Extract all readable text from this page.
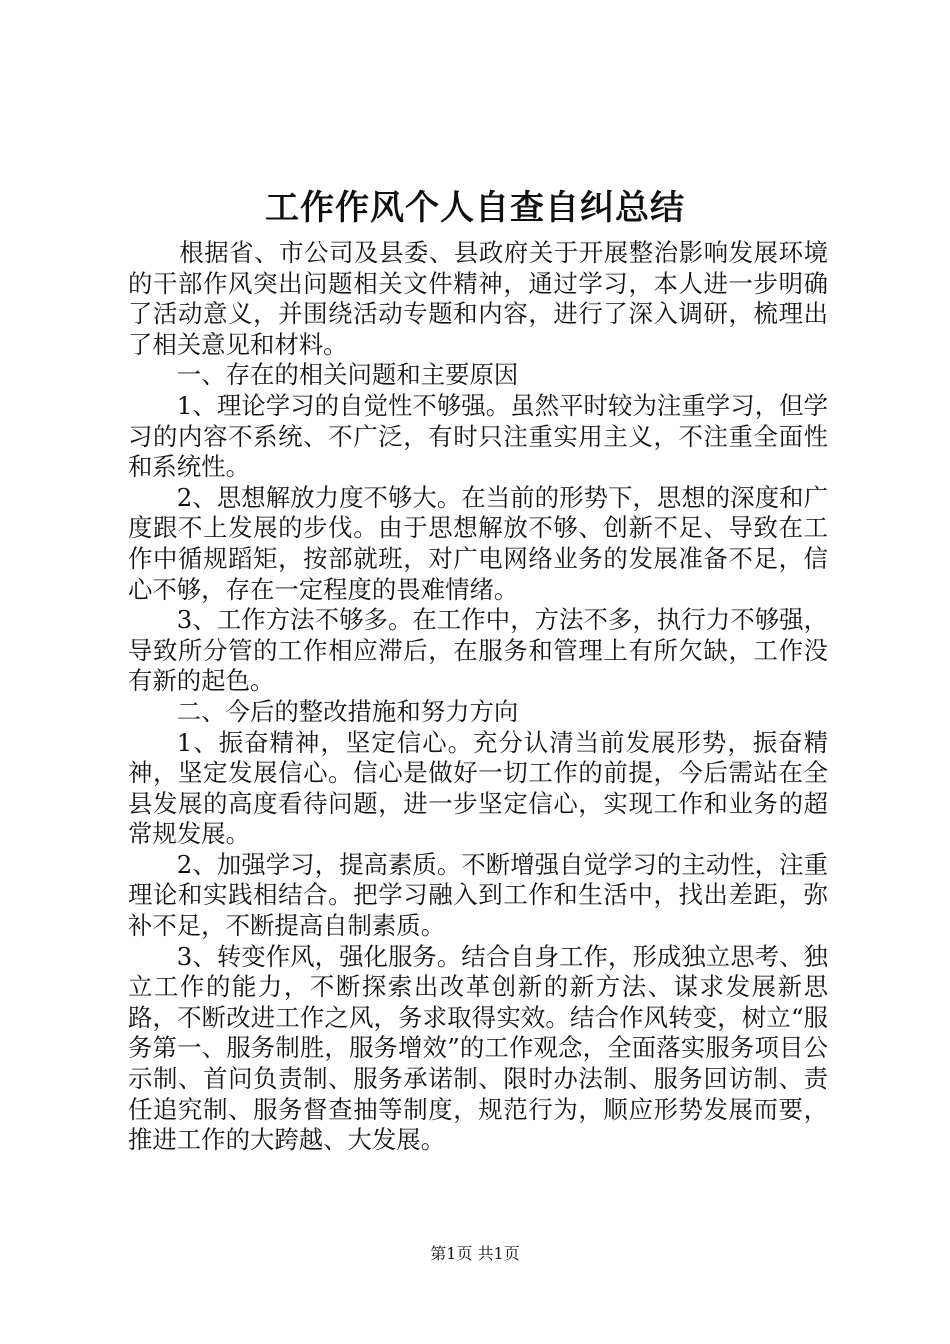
工作作风个人自查自纠总结

根据省、市公司及县委、县政府关于开展整治影响发展环境的干部作风突出问题相关文件精神，通过学习，本人进一步明确了活动意义，并围绕活动专题和内容，进行了深入调研，梳理出了相关意见和材料。

一、存在的相关问题和主要原因

1、理论学习的自觉性不够强。虽然平时较为注重学习，但学习的内容不系统、不广泛，有时只注重实用主义，不注重全面性和系统性。

2、思想解放力度不够大。在当前的形势下，思想的深度和广度跟不上发展的步伐。由于思想解放不够、创新不足、导致在工作中循规蹈矩，按部就班，对广电网络业务的发展准备不足，信心不够，存在一定程度的畏难情绪。

3、工作方法不够多。在工作中，方法不多，执行力不够强，导致所分管的工作相应滞后，在服务和管理上有所欠缺，工作没有新的起色。

二、今后的整改措施和努力方向

1、振奋精神，坚定信心。充分认清当前发展形势，振奋精神，坚定发展信心。信心是做好一切工作的前提，今后需站在全县发展的高度看待问题，进一步坚定信心，实现工作和业务的超常规发展。

2、加强学习，提高素质。不断增强自觉学习的主动性，注重理论和实践相结合。把学习融入到工作和生活中，找出差距，弥补不足，不断提高自制素质。

3、转变作风，强化服务。结合自身工作，形成独立思考、独立工作的能力，不断探索出改革创新的新方法、谋求发展新思路，不断改进工作之风，务求取得实效。结合作风转变，树立“服务第一、服务制胜，服务增效”的工作观念，全面落实服务项目公示制、首问负责制、服务承诺制、限时办法制、服务回访制、责任追究制、服务督查抽等制度，规范行为，顺应形势发展而要，推进工作的大跨越、大发展。

第1页 共1页
